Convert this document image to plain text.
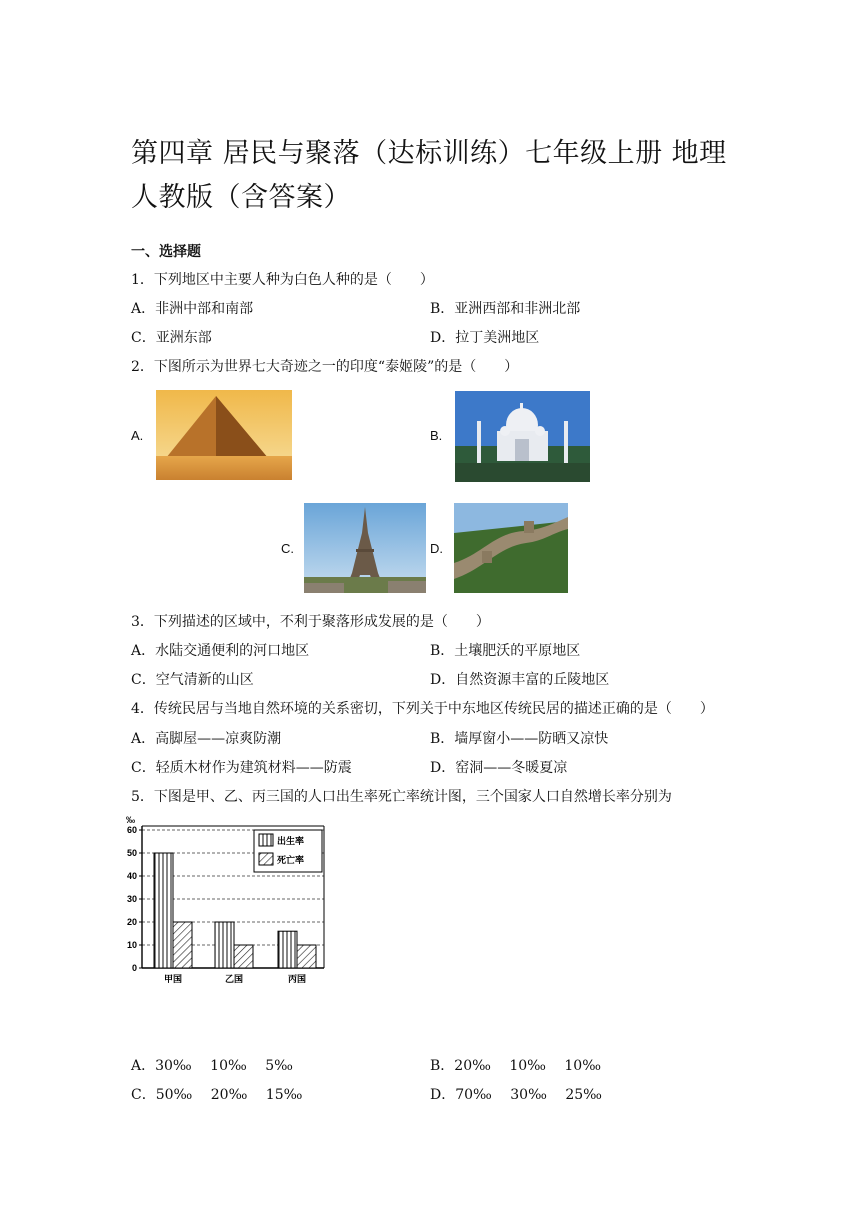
第四章 居民与聚落（达标训练）七年级上册 地理人教版（含答案）
一、选择题
1．下列地区中主要人种为白色人种的是（　　）
A．非洲中部和南部	B．亚洲西部和非洲北部
C．亚洲东部	D．拉丁美洲地区
2．下图所示为世界七大奇迹之一的印度“泰姬陵”的是（　　）
A.	B.
C.	D.
3．下列描述的区域中，不利于聚落形成发展的是（　　）
A．水陆交通便利的河口地区	B．土壤肥沃的平原地区
C．空气清新的山区	D．自然资源丰富的丘陵地区
4．传统民居与当地自然环境的关系密切，下列关于中东地区传统民居的描述正确的是（　　）
A．高脚屋——凉爽防潮	B．墙厚窗小——防晒又凉快
C．轻质木材作为建筑材料——防震	D．窑洞——冬暖夏凉
5．下图是甲、乙、丙三国的人口出生率死亡率统计图，三个国家人口自然增长率分别为
‰
0
10
20
30
40
50
60
甲国	乙国	丙国
出生率
死亡率
A．30‰　 10‰　 5‰	B．20‰　 10‰　 10‰
C．50‰　 20‰　 15‰	D．70‰　 30‰　 25‰
